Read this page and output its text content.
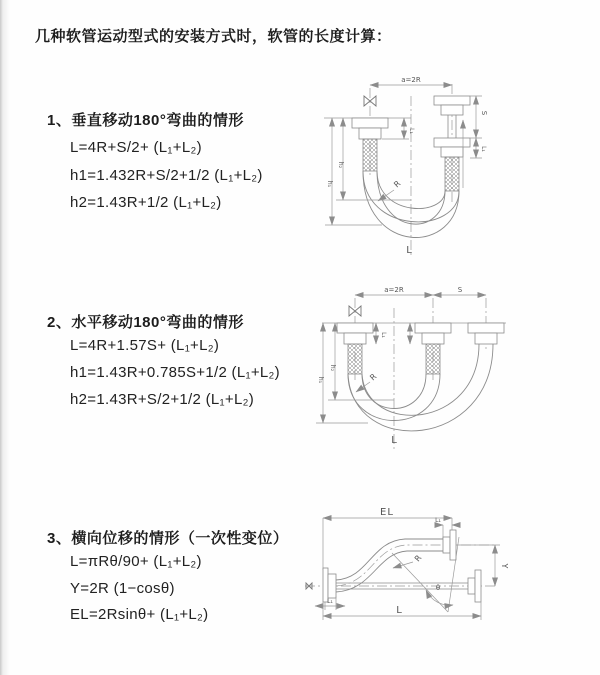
几种软管运动型式的安装方式时，软管的长度计算：
1、垂直移动180°弯曲的情形
L=4R+S/2+ (L₁+L₂)
h1=1.432R+S/2+1/2 (L₁+L₂)
h2=1.43R+1/2 (L₁+L₂)
2、水平移动180°弯曲的情形
L=4R+1.57S+ (L₁+L₂)
h1=1.43R+0.785S+1/2 (L₁+L₂)
h2=1.43R+S/2+1/2 (L₁+L₂)
3、横向位移的情形（一次性变位）
L=πRθ/90+ (L₁+L₂)
Y=2R (1−cosθ)
EL=2Rsinθ+ (L₁+L₂)
a=2R
L₁
S
L₁
R
h₂
h₁
L
a=2R	S
L₁
R
h₂
h₁
L
EL
L₁
R
θ
Y
L₁
L
